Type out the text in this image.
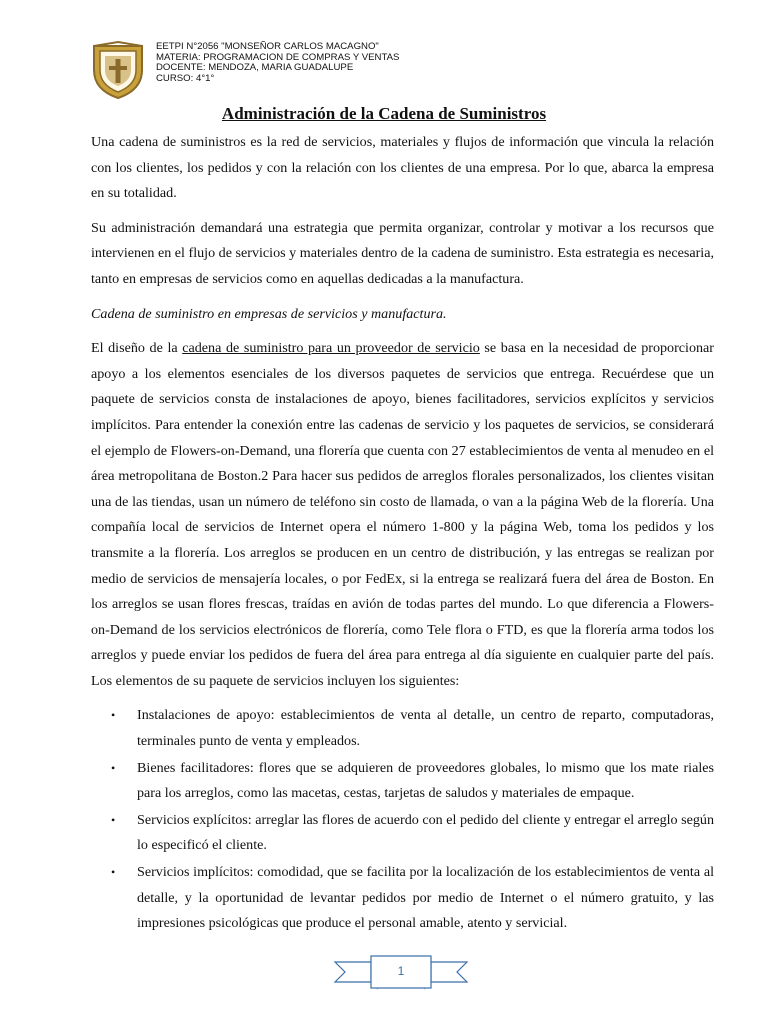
EETPI N°2056 "MONSEÑOR CARLOS MACAGNO"
MATERIA: PROGRAMACION DE COMPRAS Y VENTAS
DOCENTE: MENDOZA, MARIA GUADALUPE
CURSO: 4°1°
Administración de la Cadena de Suministros

Una cadena de suministros es la red de servicios, materiales y flujos de información que vincula la relación con los clientes, los pedidos y con la relación con los clientes de una empresa. Por lo que, abarca la empresa en su totalidad.

Su administración demandará una estrategia que permita organizar, controlar y motivar a los recursos que intervienen en el flujo de servicios y materiales dentro de la cadena de suministro. Esta estrategia es necesaria, tanto en empresas de servicios como en aquellas dedicadas a la manufactura.

Cadena de suministro en empresas de servicios y manufactura.

El diseño de la cadena de suministro para un proveedor de servicio se basa en la necesidad de proporcionar apoyo a los elementos esenciales de los diversos paquetes de servicios que entrega. Recuérdese que un paquete de servicios consta de instalaciones de apoyo, bienes facilitadores, servicios explícitos y servicios implícitos. Para entender la conexión entre las cadenas de servicio y los paquetes de servicios, se considerará el ejemplo de Flowers-on-Demand, una florería que cuenta con 27 establecimientos de venta al menudeo en el área metropolitana de Boston.2 Para hacer sus pedidos de arreglos florales personalizados, los clientes visitan una de las tiendas, usan un número de teléfono sin costo de llamada, o van a la página Web de la florería. Una compañía local de servicios de Internet opera el número 1-800 y la página Web, toma los pedidos y los transmite a la florería. Los arreglos se producen en un centro de distribución, y las entregas se realizan por medio de servicios de mensajería locales, o por FedEx, si la entrega se realizará fuera del área de Boston. En los arreglos se usan flores frescas, traídas en avión de todas partes del mundo. Lo que diferencia a Flowers-on-Demand de los servicios electrónicos de florería, como Tele flora o FTD, es que la florería arma todos los arreglos y puede enviar los pedidos de fuera del área para entrega al día siguiente en cualquier parte del país. Los elementos de su paquete de servicios incluyen los siguientes:

• Instalaciones de apoyo: establecimientos de venta al detalle, un centro de reparto, computadoras, terminales punto de venta y empleados.
• Bienes facilitadores: flores que se adquieren de proveedores globales, lo mismo que los mate riales para los arreglos, como las macetas, cestas, tarjetas de saludos y materiales de empaque.
• Servicios explícitos: arreglar las flores de acuerdo con el pedido del cliente y entregar el arreglo según lo especificó el cliente.
• Servicios implícitos: comodidad, que se facilita por la localización de los establecimientos de venta al detalle, y la oportunidad de levantar pedidos por medio de Internet o el número gratuito, y las impresiones psicológicas que produce el personal amable, atento y servicial.
1
